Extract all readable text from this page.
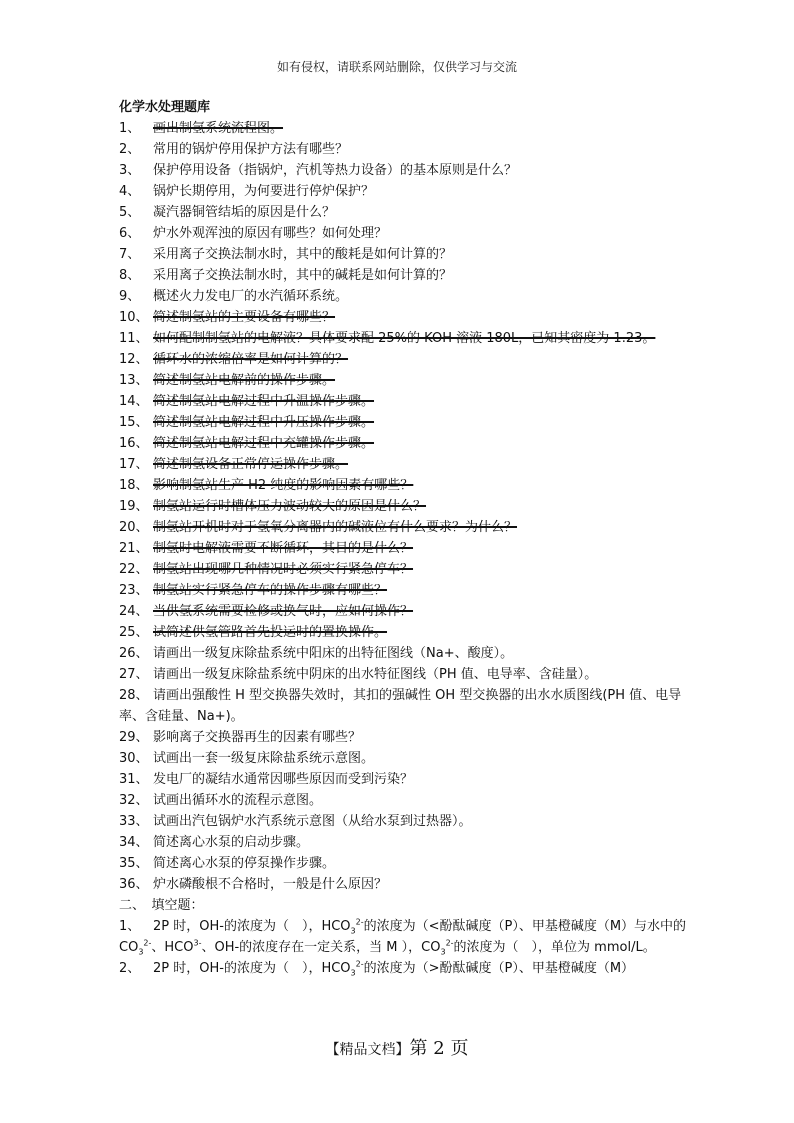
如有侵权，请联系网站删除，仅供学习与交流

化学水处理题库

1、 画出制氢系统流程图。

2、 常用的锅炉停用保护方法有哪些？

3、 保护停用设备（指锅炉，汽机等热力设备）的基本原则是什么？

4、 锅炉长期停用，为何要进行停炉保护？

5、 凝汽器铜管结垢的原因是什么？

6、 炉水外观浑浊的原因有哪些？如何处理？

7、 采用离子交换法制水时，其中的酸耗是如何计算的？

8、 采用离子交换法制水时，其中的碱耗是如何计算的？

9、 概述火力发电厂的水汽循环系统。

10、 简述制氢站的主要设备有哪些？

11、 如何配制制氢站的电解液？具体要求配 25%的 KOH 溶液 180L，已知其密度为 1.23。

12、 循环水的浓缩倍率是如何计算的？

13、 简述制氢站电解前的操作步骤。

14、 简述制氢站电解过程中升温操作步骤。

15、 简述制氢站电解过程中升压操作步骤。

16、 简述制氢站电解过程中充罐操作步骤。

17、 简述制氢设备正常停运操作步骤。

18、 影响制氢站生产 H2 纯度的影响因素有哪些？

19、 制氢站运行时槽体压力波动较大的原因是什么？

20、 制氢站开机时对于氢氧分离器内的碱液位有什么要求？为什么？

21、 制氢时电解液需要不断循环，其目的是什么？

22、 制氢站出现哪几种情况时必须实行紧急停车？

23、 制氢站实行紧急停车的操作步骤有哪些？

24、 当供氢系统需要检修或换气时，应如何操作？

25、 试简述供氢管路首先投运时的置换操作。

26、 请画出一级复床除盐系统中阳床的出特征图线（Na+、酸度）。

27、 请画出一级复床除盐系统中阴床的出水特征图线（PH 值、电导率、含硅量）。

28、 请画出强酸性 H 型交换器失效时，其扣的强碱性 OH 型交换器的出水水质图线(PH 值、电导率、含硅量、Na+)。

29、 影响离子交换器再生的因素有哪些？

30、 试画出一套一级复床除盐系统示意图。

31、 发电厂的凝结水通常因哪些原因而受到污染？

32、 试画出循环水的流程示意图。

33、 试画出汽包锅炉水汽系统示意图（从给水泵到过热器）。

34、 简述离心水泵的启动步骤。

35、 简述离心水泵的停泵操作步骤。

36、 炉水磷酸根不合格时，一般是什么原因？

二、　填空题：

1、 2P 时，OH-的浓度为（　），$HCO_3^{2-}$的浓度为（<酚酞碱度（P）、甲基橙碱度（M）与水中的 $CO_3^{2-}$、$HCO^{3-}$、OH-的浓度存在一定关系，当 M ），$CO_3^{2-}$的浓度为（　），单位为 mmol/L。

2、 2P 时，OH-的浓度为（　），$HCO_3^{2-}$的浓度为（>酚酞碱度（P）、甲基橙碱度（M）

【精品文档】第 2 页
